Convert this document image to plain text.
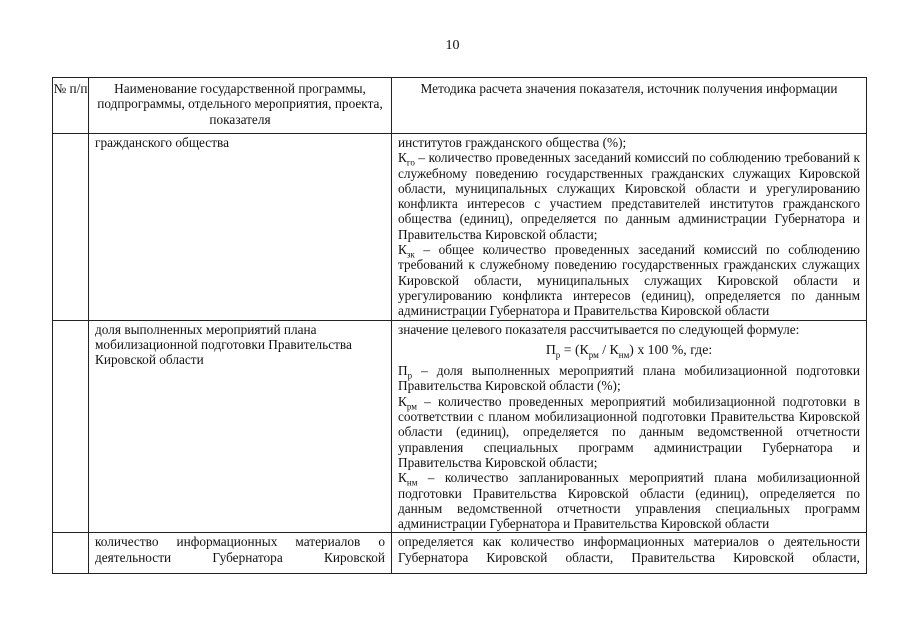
10
№ п/п	Наименование государственной программы, подпрограммы, отдельного мероприятия, проекта, показателя	Методика расчета значения показателя, источник получения информации

	гражданского общества	институтов гражданского общества (%);
$К_{го}$ – количество проведенных заседаний комиссий по соблюдению требований к служебному поведению государственных гражданских служащих Кировской области, муниципальных служащих Кировской области и урегулированию конфликта интересов с участием представителей институтов гражданского общества (единиц), определяется по данным администрации Губернатора и Правительства Кировской области;
$К_{зк}$ – общее количество проведенных заседаний комиссий по соблюдению требований к служебному поведению государственных гражданских служащих Кировской области, муниципальных служащих Кировской области и урегулированию конфликта интересов (единиц), определяется по данным администрации Губернатора и Правительства Кировской области

	доля выполненных мероприятий плана мобилизационной подготовки Правительства Кировской области	значение целевого показателя рассчитывается по следующей формуле:
$П_р = (К_{рм} / К_{нм})$ x 100 %, где:
$П_р$ – доля выполненных мероприятий плана мобилизационной подготовки Правительства Кировской области (%);
$К_{рм}$ – количество проведенных мероприятий мобилизационной подготовки в соответствии с планом мобилизационной подготовки Правительства Кировской области (единиц), определяется по данным ведомственной отчетности управления специальных программ администрации Губернатора и Правительства Кировской области;
$К_{нм}$ – количество запланированных мероприятий плана мобилизационной подготовки Правительства Кировской области (единиц), определяется по данным ведомственной отчетности управления специальных программ администрации Губернатора и Правительства Кировской области

	количество информационных материалов о деятельности Губернатора Кировской	определяется как количество информационных материалов о деятельности Губернатора Кировской области, Правительства Кировской области,
